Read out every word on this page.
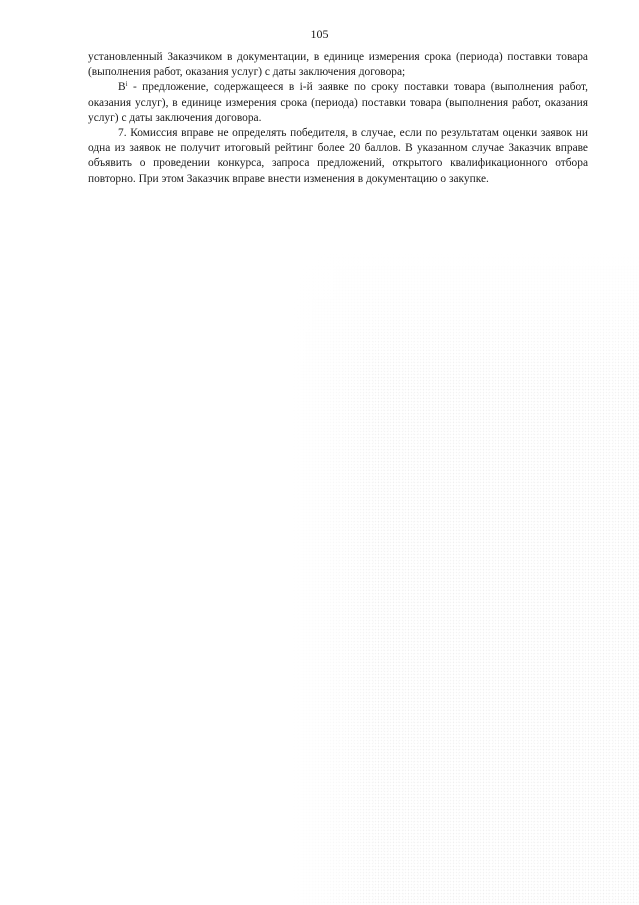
105

установленный Заказчиком в документации, в единице измерения срока (периода) поставки товара (выполнения работ, оказания услуг) с даты заключения договора;

$B^i$ - предложение, содержащееся в i-й заявке по сроку поставки товара (выполнения работ, оказания услуг), в единице измерения срока (периода) поставки товара (выполнения работ, оказания услуг) с даты заключения договора.

7. Комиссия вправе не определять победителя, в случае, если по результатам оценки заявок ни одна из заявок не получит итоговый рейтинг более 20 баллов. В указанном случае Заказчик вправе объявить о проведении конкурса, запроса предложений, открытого квалификационного отбора повторно. При этом Заказчик вправе внести изменения в документацию о закупке.
